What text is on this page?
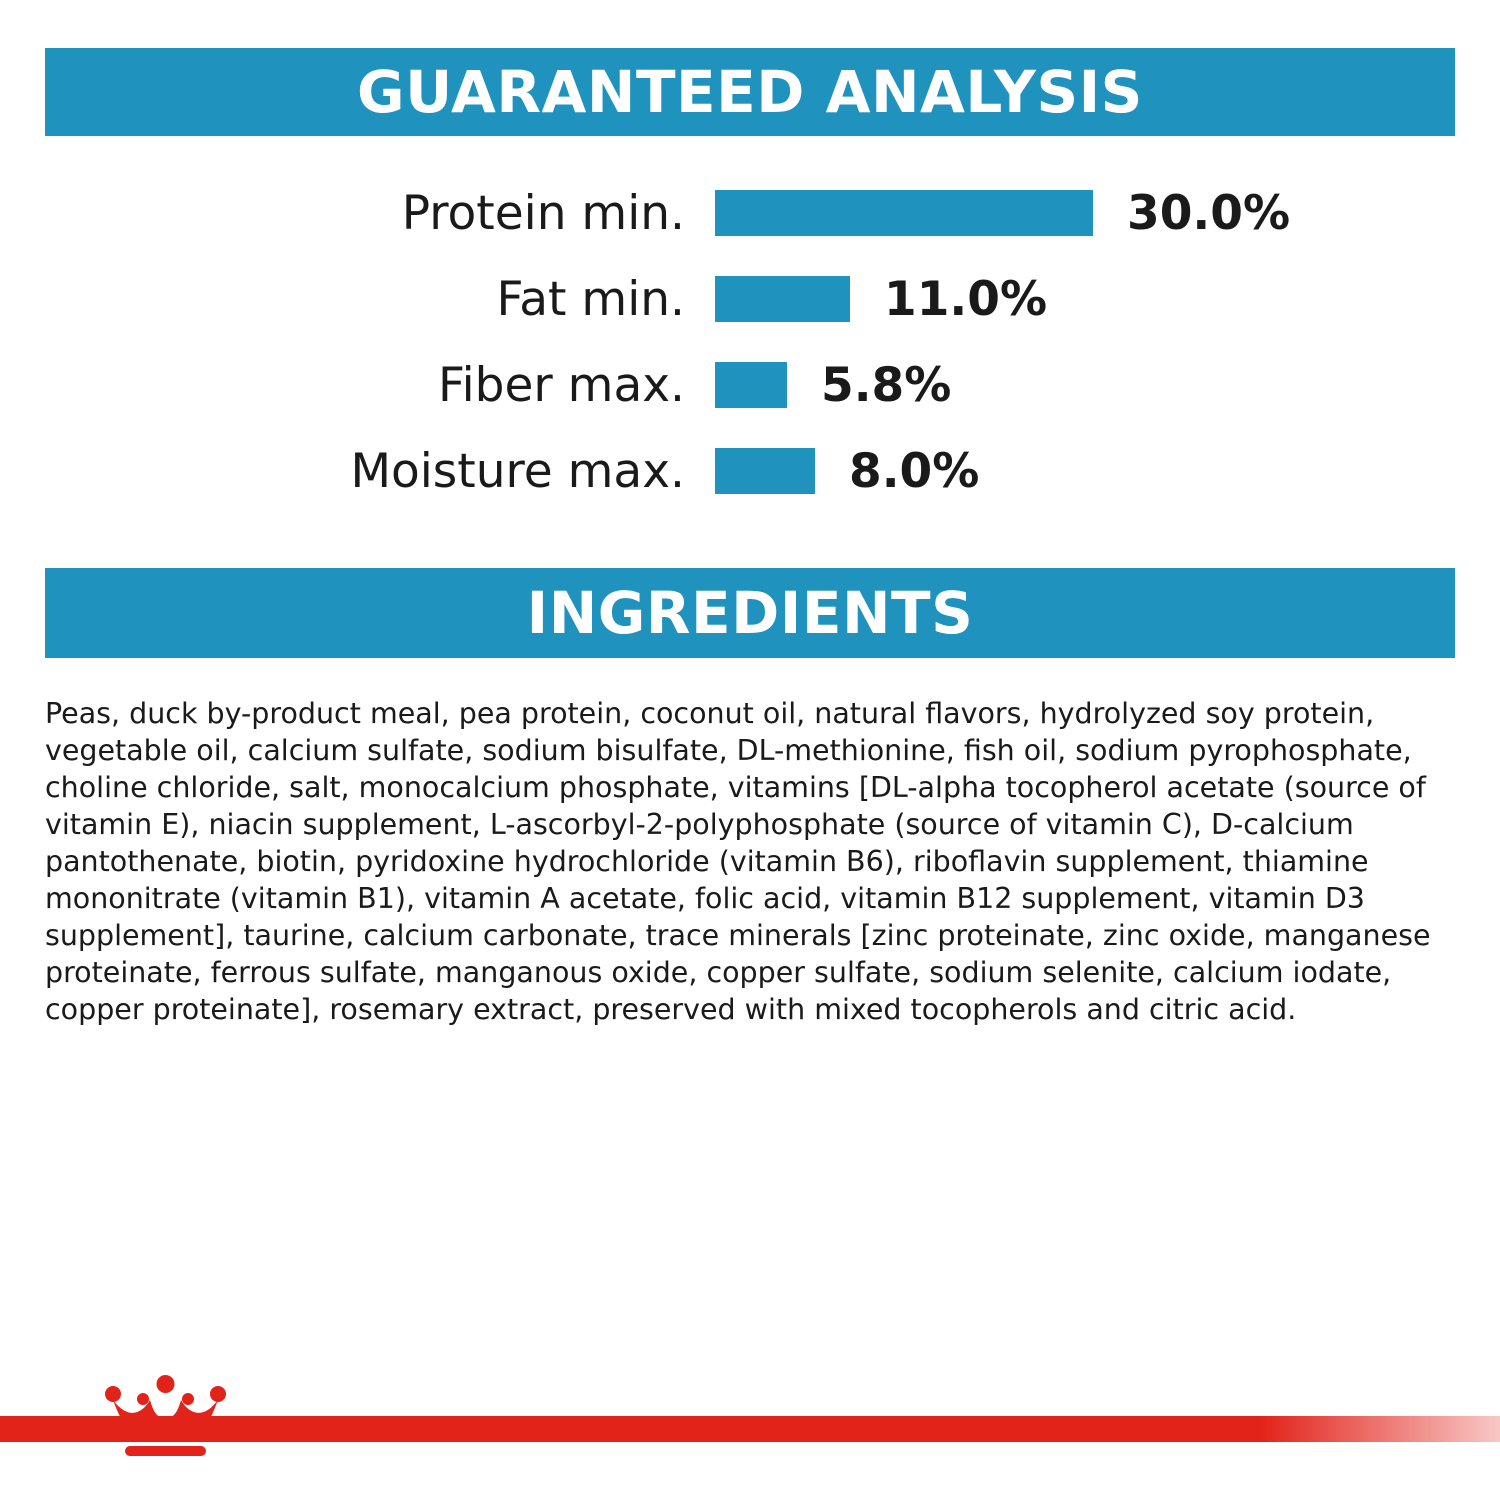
GUARANTEED ANALYSIS
Protein min.	30.0%
Fat min.	11.0%
Fiber max.	5.8%
Moisture max.	8.0%
INGREDIENTS
Peas, duck by-product meal, pea protein, coconut oil, natural flavors, hydrolyzed soy protein, vegetable oil, calcium sulfate, sodium bisulfate, DL-methionine, fish oil, sodium pyrophosphate, choline chloride, salt, monocalcium phosphate, vitamins [DL-alpha tocopherol acetate (source of vitamin E), niacin supplement, L-ascorbyl-2-polyphosphate (source of vitamin C), D-calcium pantothenate, biotin, pyridoxine hydrochloride (vitamin B6), riboflavin supplement, thiamine mononitrate (vitamin B1), vitamin A acetate, folic acid, vitamin B12 supplement, vitamin D3 supplement], taurine, calcium carbonate, trace minerals [zinc proteinate, zinc oxide, manganese proteinate, ferrous sulfate, manganous oxide, copper sulfate, sodium selenite, calcium iodate, copper proteinate], rosemary extract, preserved with mixed tocopherols and citric acid.
